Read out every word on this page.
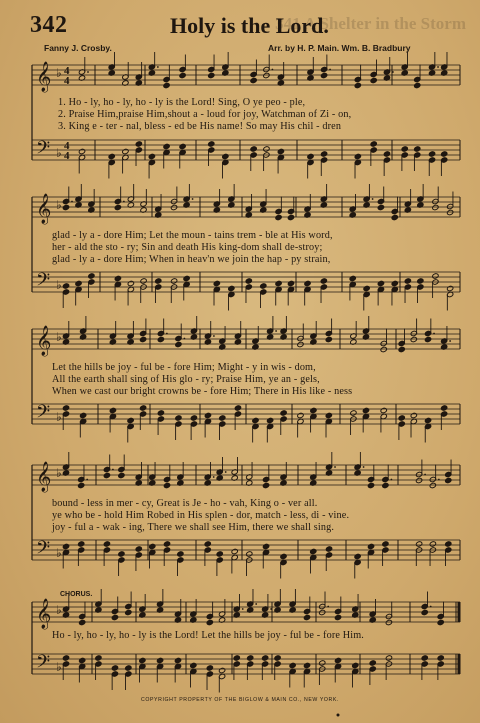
341 A Shelter in the Storm
342	Holy is the Lord.
Fanny J. Crosby.	Arr. by H. P. Main. Wm. B. Bradbury
𝄞
𝄢
♭
♭
4
4
4
4
𝄞
𝄢
♭
♭
𝄞
𝄢
♭
♭
𝄞
𝄢
♭
♭
𝄞
𝄢
♭
♭
1. Ho - ly, ho - ly, ho - ly is the Lord! Sing, O ye peo - ple,
2. Praise Him,praise Him,shout a - loud for joy, Watchman of Zi - on,
3. King e - ter - nal, bless - ed be His name! So may His chil - dren
glad - ly a - dore Him; Let the moun - tains trem - ble at His word,
her - ald the sto - ry; Sin and death His king-dom shall de-stroy;
glad - ly a - dore Him; When in heav'n we join the hap - py strain,
Let the hills be joy - ful be - fore Him; Might - y in wis - dom,
All the earth shall sing of His glo - ry; Praise Him, ye an - gels,
When we cast our bright crowns be - fore Him; There in His like - ness
bound - less in mer - cy, Great is Je - ho - vah, King o - ver all.
ye who be - hold Him Robed in His splen - dor, match - less, di - vine.
joy - ful a - wak - ing, There we shall see Him, there we shall sing.
CHORUS.
Ho - ly, ho - ly, ho - ly is the Lord! Let the hills be joy - ful be - fore Him.
COPYRIGHT PROPERTY OF THE BIGLOW & MAIN CO., NEW YORK.
